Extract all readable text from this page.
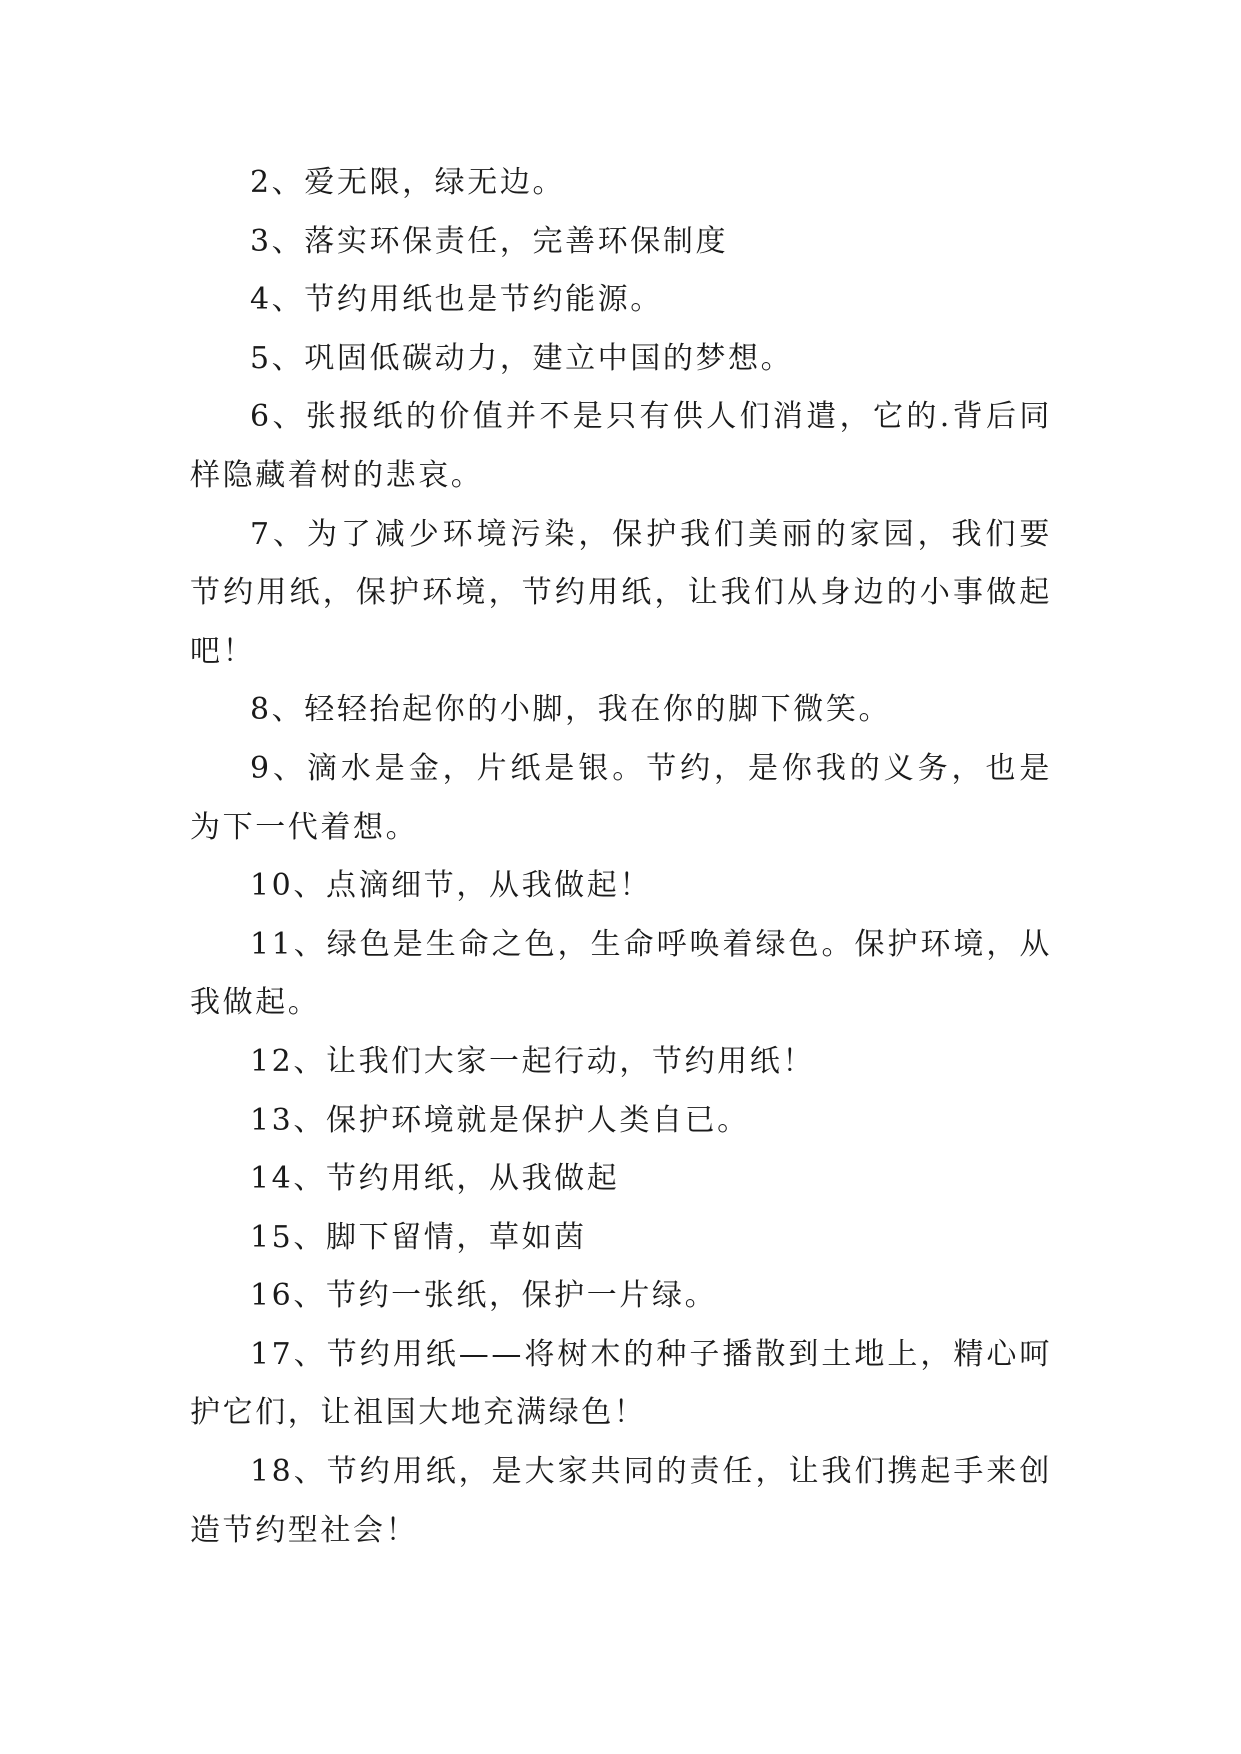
2、爱无限，绿无边。

3、落实环保责任，完善环保制度

4、节约用纸也是节约能源。

5、巩固低碳动力，建立中国的梦想。

6、张报纸的价值并不是只有供人们消遣，它的.背后同样隐藏着树的悲哀。

7、为了减少环境污染，保护我们美丽的家园，我们要节约用纸，保护环境，节约用纸，让我们从身边的小事做起吧！

8、轻轻抬起你的小脚，我在你的脚下微笑。

9、滴水是金，片纸是银。节约，是你我的义务，也是为下一代着想。

10、点滴细节，从我做起！

11、绿色是生命之色，生命呼唤着绿色。保护环境，从我做起。

12、让我们大家一起行动，节约用纸！

13、保护环境就是保护人类自已。

14、节约用纸，从我做起

15、脚下留情，草如茵

16、节约一张纸，保护一片绿。

17、节约用纸——将树木的种子播散到土地上，精心呵护它们，让祖国大地充满绿色！

18、节约用纸，是大家共同的责任，让我们携起手来创造节约型社会！
